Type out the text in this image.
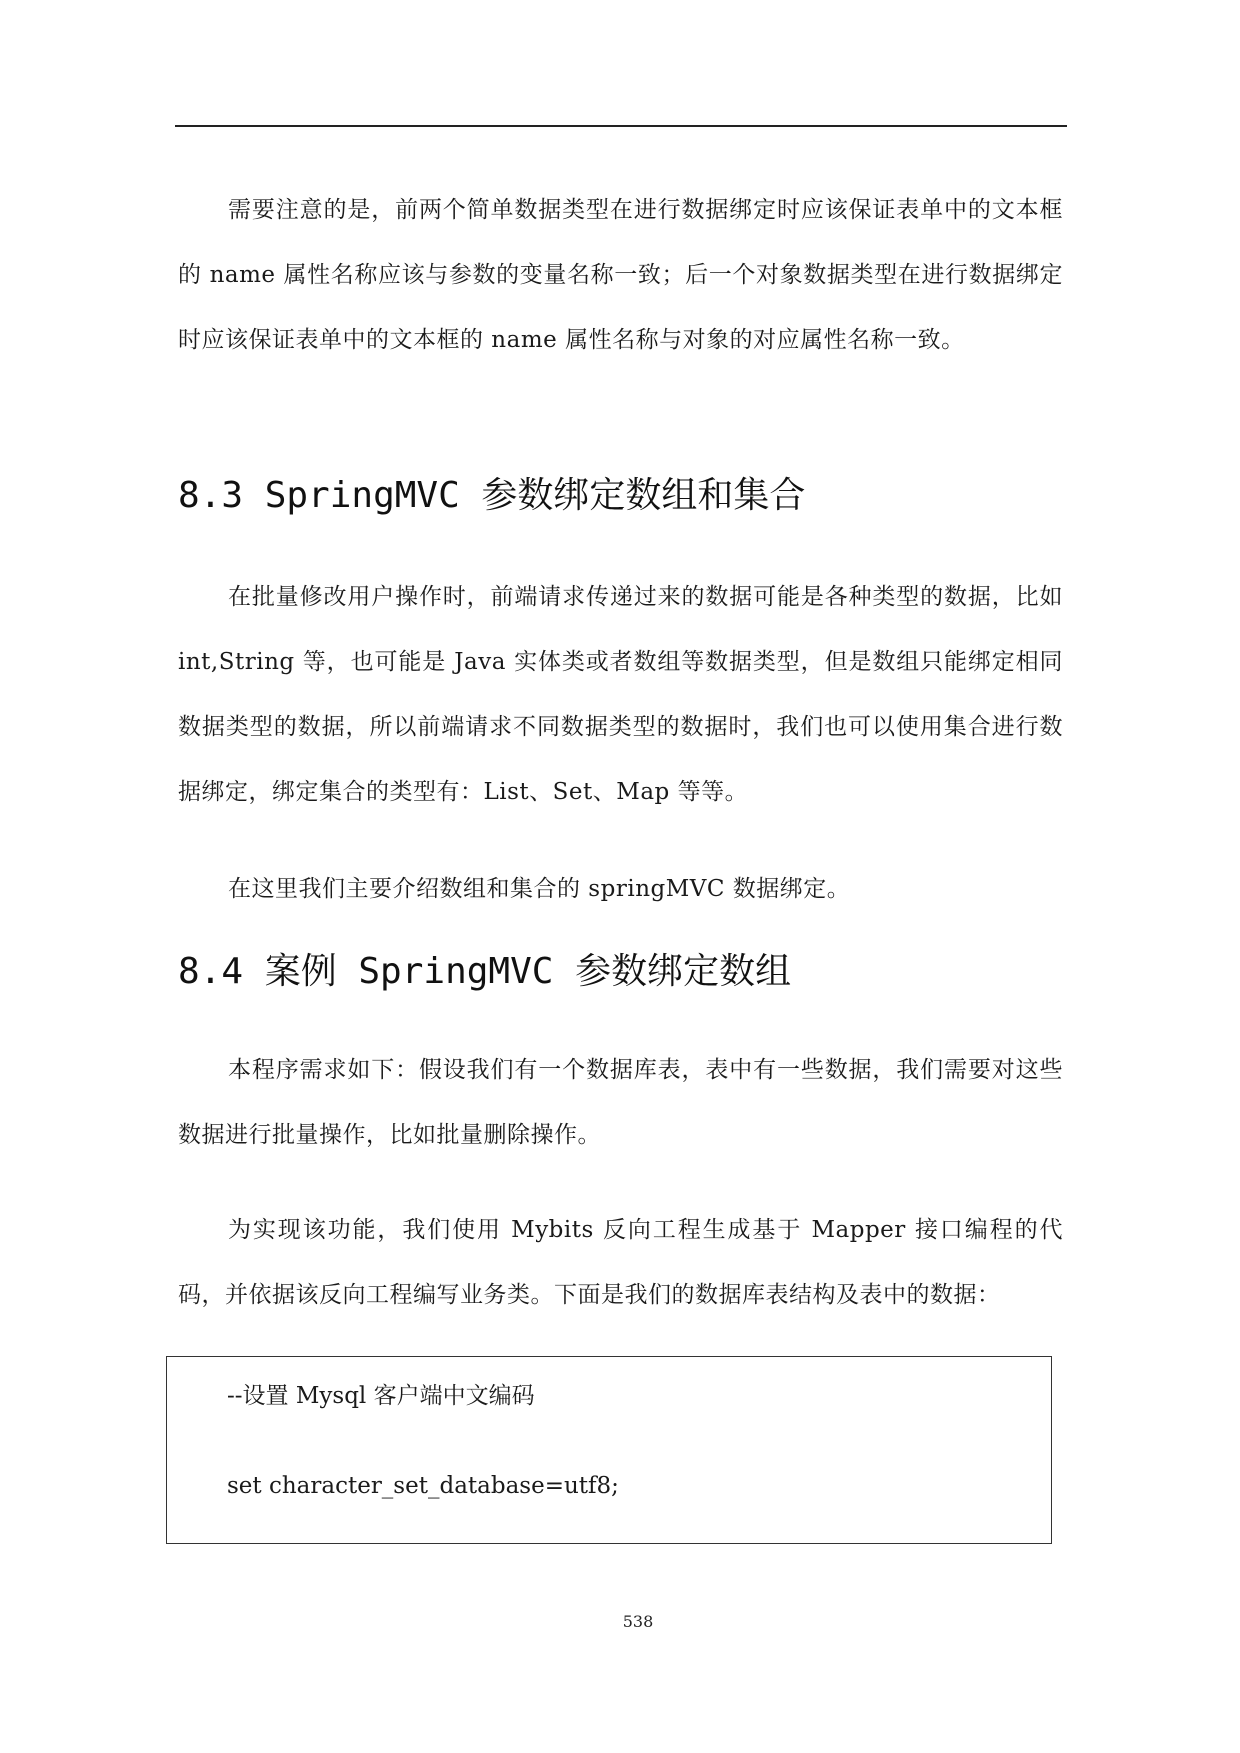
需要注意的是，前两个简单数据类型在进行数据绑定时应该保证表单中的文本框的 name 属性名称应该与参数的变量名称一致；后一个对象数据类型在进行数据绑定时应该保证表单中的文本框的 name 属性名称与对象的对应属性名称一致。

8.3 SpringMVC 参数绑定数组和集合

在批量修改用户操作时，前端请求传递过来的数据可能是各种类型的数据，比如 int,String 等，也可能是 Java 实体类或者数组等数据类型，但是数组只能绑定相同数据类型的数据，所以前端请求不同数据类型的数据时，我们也可以使用集合进行数据绑定，绑定集合的类型有：List、Set、Map 等等。

在这里我们主要介绍数组和集合的 springMVC 数据绑定。

8.4 案例 SpringMVC 参数绑定数组

本程序需求如下：假设我们有一个数据库表，表中有一些数据，我们需要对这些数据进行批量操作，比如批量删除操作。

为实现该功能，我们使用 Mybits 反向工程生成基于 Mapper 接口编程的代码，并依据该反向工程编写业务类。下面是我们的数据库表结构及表中的数据：

--设置 Mysql 客户端中文编码

set character_set_database=utf8;

538
